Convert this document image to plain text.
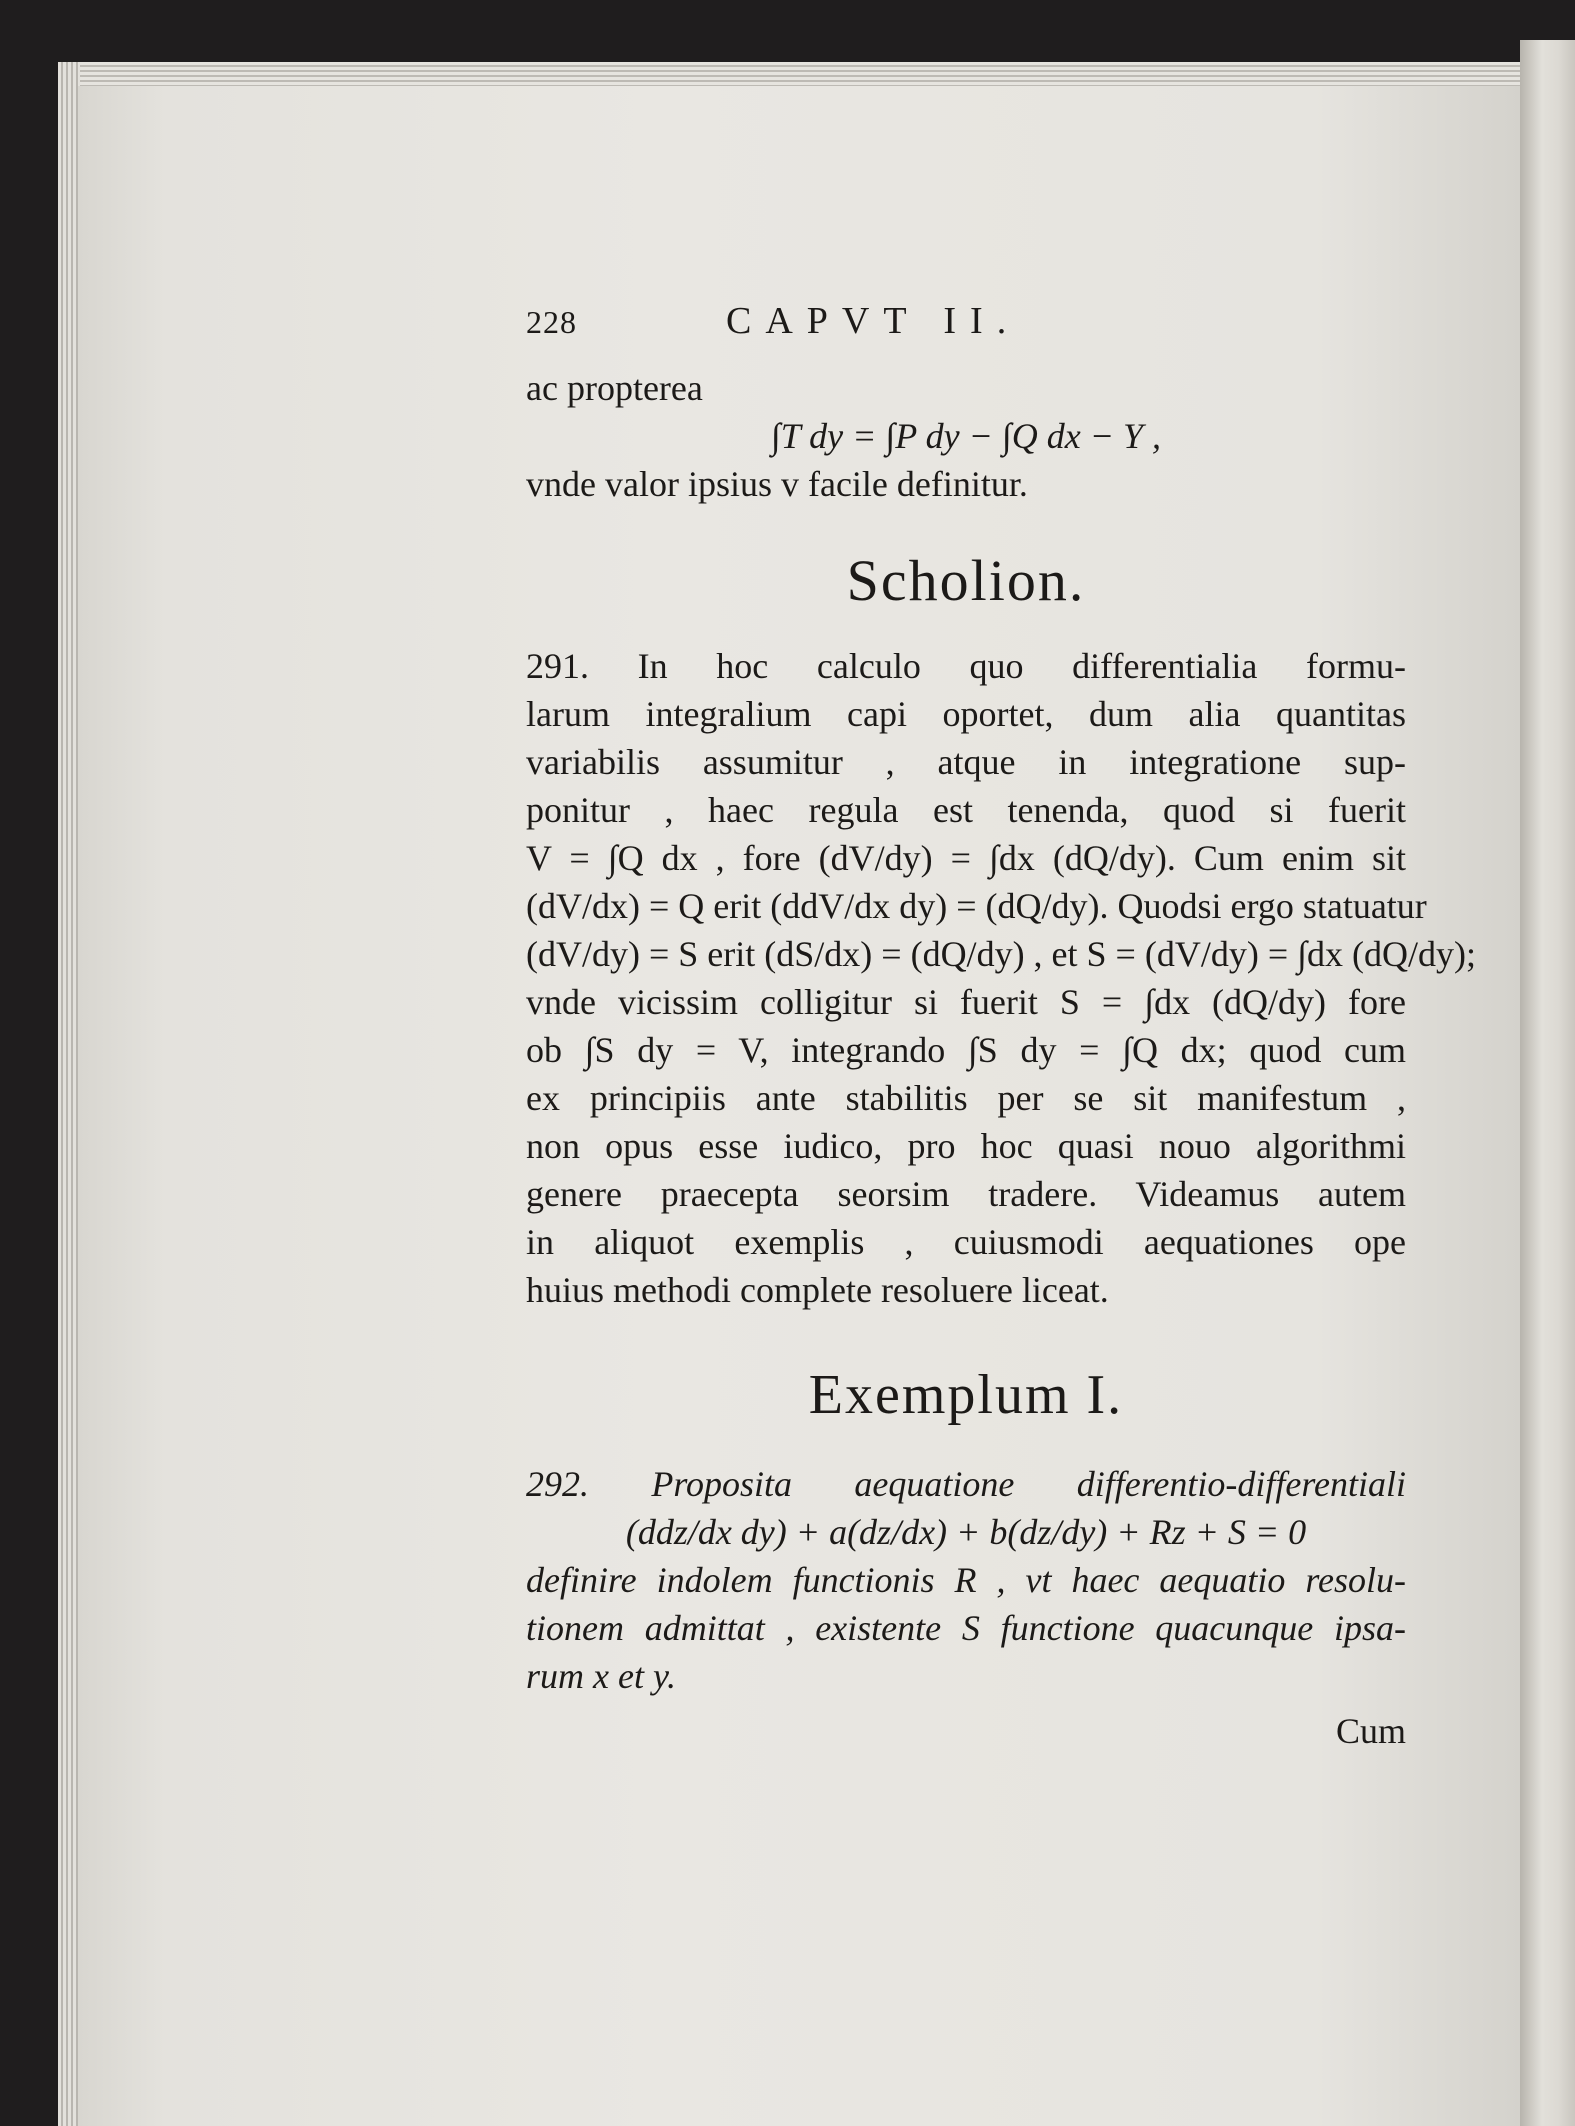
228	CAPVT II.
ac propterea
∫T dy = ∫P dy − ∫Q dx − Y ,
vnde valor ipsius v facile definitur.
Scholion.
291. In hoc calculo quo differentialia formu-
larum integralium capi oportet, dum alia quantitas
variabilis assumitur , atque in integratione sup-
ponitur , haec regula est tenenda, quod si fuerit
V = ∫Q dx , fore (dV/dy) = ∫dx (dQ/dy). Cum enim sit
(dV/dx) = Q erit (ddV/dx dy) = (dQ/dy). Quodsi ergo statuatur
(dV/dy) = S erit (dS/dx) = (dQ/dy) , et S = (dV/dy) = ∫dx (dQ/dy);
vnde vicissim colligitur si fuerit S = ∫dx (dQ/dy) fore
ob ∫S dy = V, integrando ∫S dy = ∫Q dx; quod cum
ex principiis ante stabilitis per se sit manifestum ,
non opus esse iudico, pro hoc quasi nouo algorithmi
genere praecepta seorsim tradere. Videamus autem
in aliquot exemplis , cuiusmodi aequationes ope
huius methodi complete resoluere liceat.
Exemplum I.
292. Proposita aequatione differentio-differentiali
(ddz/dx dy) + a(dz/dx) + b(dz/dy) + Rz + S = 0
definire indolem functionis R , vt haec aequatio resolu-
tionem admittat , existente S functione quacunque ipsa-
rum x et y.
Cum
